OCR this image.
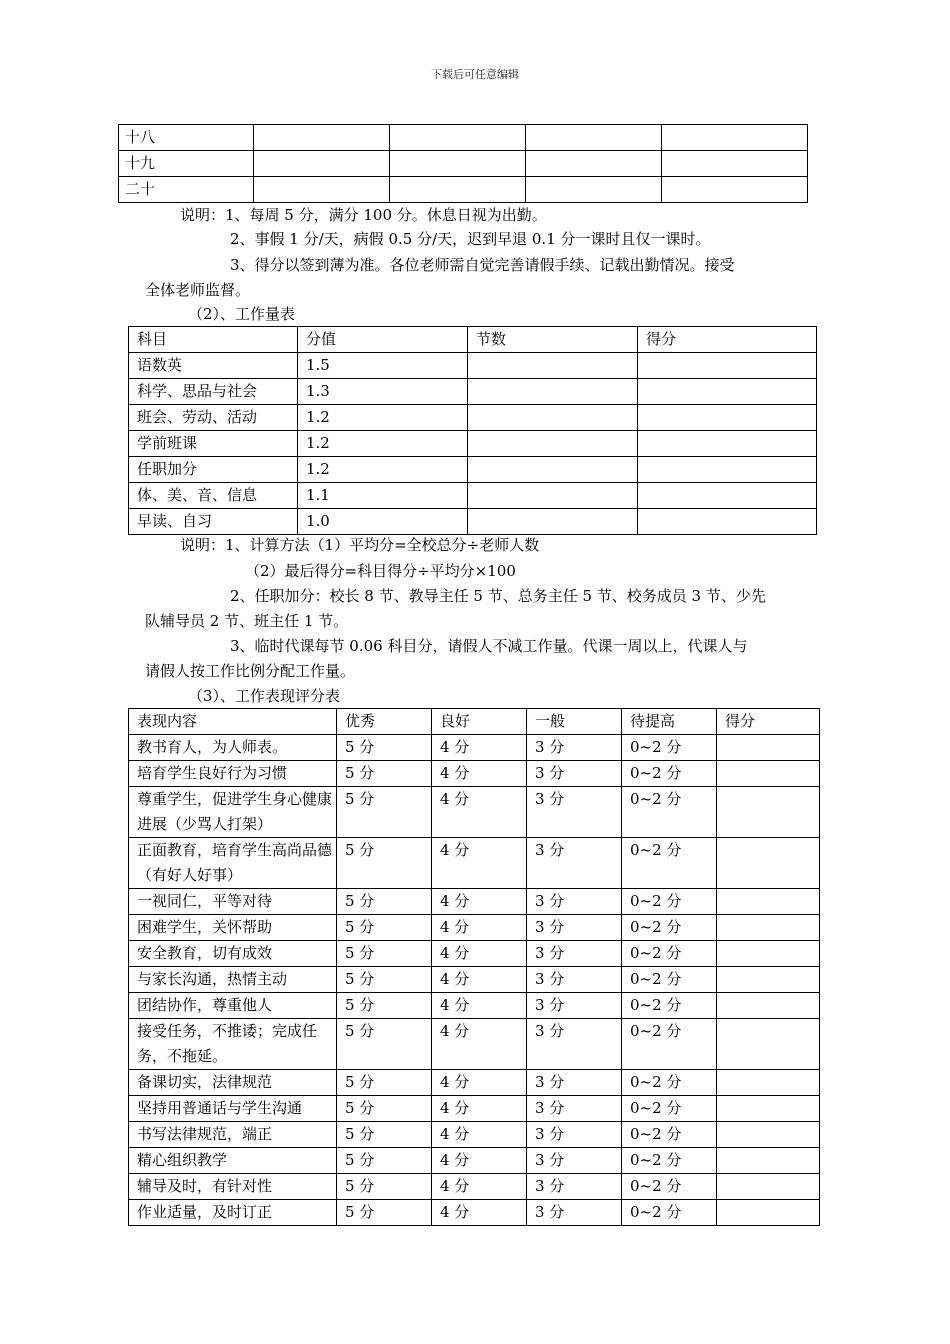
下载后可任意编辑
十八				
十九				
二十				
说明：1、每周 5 分，满分 100 分。休息日视为出勤。
2、事假 1 分/天，病假 0.5 分/天，迟到早退 0.1 分一课时且仅一课时。
3、得分以签到薄为准。各位老师需自觉完善请假手续、记载出勤情况。接受
全体老师监督。
（2）、工作量表
科目	分值	节数	得分
语数英	1.5		
科学、思品与社会	1.3		
班会、劳动、活动	1.2		
学前班课	1.2		
任职加分	1.2		
体、美、音、信息	1.1		
早读、自习	1.0		
说明：1、计算方法（1）平均分=全校总分÷老师人数
（2）最后得分=科目得分÷平均分×100
2、任职加分：校长 8 节、教导主任 5 节、总务主任 5 节、校务成员 3 节、少先
队辅导员 2 节、班主任 1 节。
3、临时代课每节 0.06 科目分，请假人不减工作量。代课一周以上，代课人与
请假人按工作比例分配工作量。
（3）、工作表现评分表
表现内容	优秀	良好	一般	待提高	得分
教书育人，为人师表。	5 分	4 分	3 分	0~2 分	
培育学生良好行为习惯	5 分	4 分	3 分	0~2 分	
尊重学生，促进学生身心健康进展（少骂人打架）	5 分	4 分	3 分	0~2 分	
正面教育，培育学生高尚品德（有好人好事）	5 分	4 分	3 分	0~2 分	
一视同仁，平等对待	5 分	4 分	3 分	0~2 分	
困难学生，关怀帮助	5 分	4 分	3 分	0~2 分	
安全教育，切有成效	5 分	4 分	3 分	0~2 分	
与家长沟通，热情主动	5 分	4 分	3 分	0~2 分	
团结协作，尊重他人	5 分	4 分	3 分	0~2 分	
接受任务，不推诿；完成任务，不拖延。	5 分	4 分	3 分	0~2 分	
备课切实，法律规范	5 分	4 分	3 分	0~2 分	
坚持用普通话与学生沟通	5 分	4 分	3 分	0~2 分	
书写法律规范，端正	5 分	4 分	3 分	0~2 分	
精心组织教学	5 分	4 分	3 分	0~2 分	
辅导及时，有针对性	5 分	4 分	3 分	0~2 分	
作业适量，及时订正	5 分	4 分	3 分	0~2 分	
